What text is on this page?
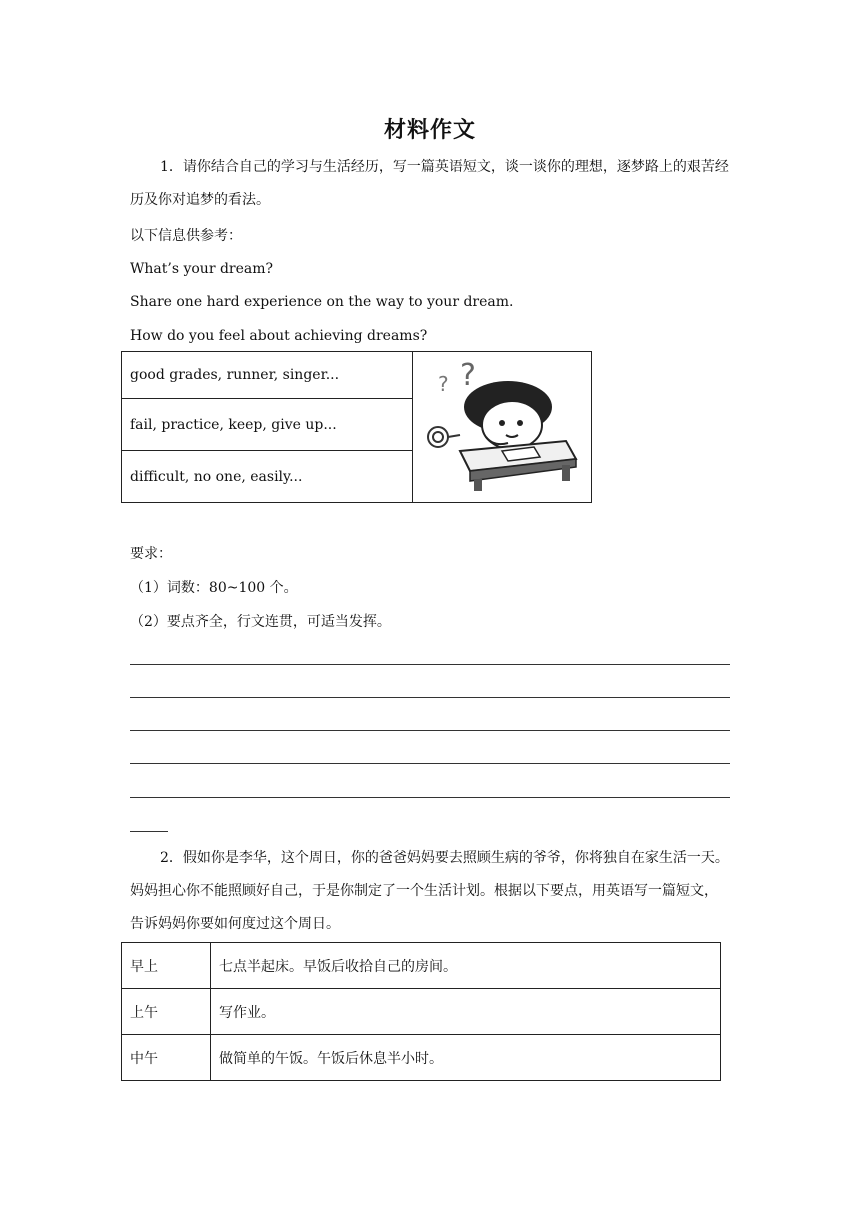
材料作文
1．请你结合自己的学习与生活经历，写一篇英语短文，谈一谈你的理想，逐梦路上的艰苦经历及你对追梦的看法。
以下信息供参考：
What’s your dream?
Share one hard experience on the way to your dream.
How do you feel about achieving dreams?
good grades, runner, singer...	? ?

fail, practice, keep, give up...
difficult, no one, easily...
要求：
（1）词数：80~100 个。
（2）要点齐全，行文连贯，可适当发挥。
2．假如你是李华，这个周日，你的爸爸妈妈要去照顾生病的爷爷，你将独自在家生活一天。妈妈担心你不能照顾好自己，于是你制定了一个生活计划。根据以下要点，用英语写一篇短文，告诉妈妈你要如何度过这个周日。
早上	七点半起床。早饭后收拾自己的房间。
上午	写作业。
中午	做简单的午饭。午饭后休息半小时。
